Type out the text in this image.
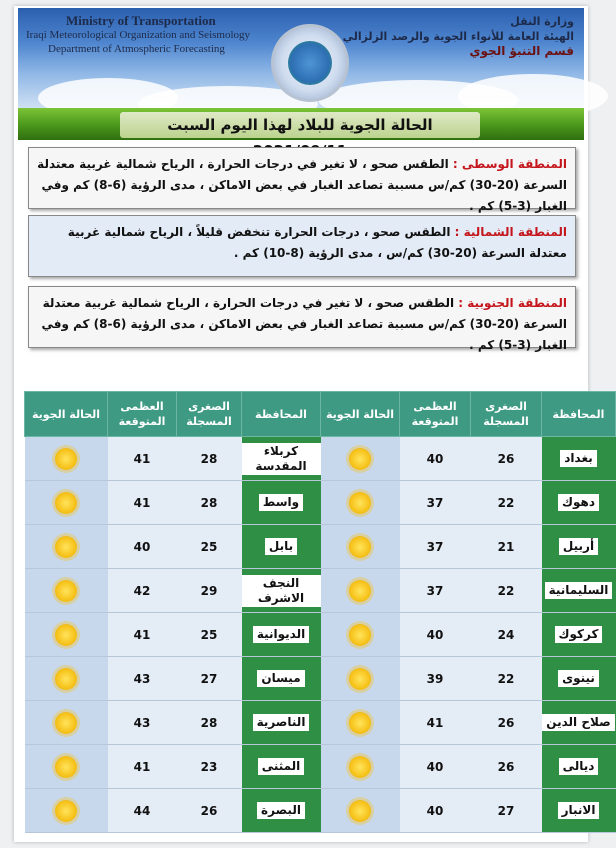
Ministry of Transportation
Iraqi Meteorological Organization and Seismology
Department of Atmospheric Forecasting
وزارة النقل
الهيئة العامة للأنواء الجوية والرصد الزلزالي
قسم التنبؤ الجوي
الحالة الجوية للبلاد لهذا اليوم السبت
المنطقة الوسطى : الطقس صحو ، لا تغير في درجات الحرارة ، الرياح شمالية غربية معتدلة السرعة (20-30) كم/س مسببة تصاعد الغبار في بعض الاماكن ، مدى الرؤية (6-8) كم وفي الغبار (3-5) كم .
المنطقة الشمالية : الطقس صحو ، درجات الحرارة تنخفض قليلاً ، الرياح شمالية غربية معتدلة السرعة (20-30) كم/س ، مدى الرؤية (8-10) كم .
المنطقة الجنوبية : الطقس صحو ، لا تغير في درجات الحرارة ، الرياح شمالية غربية معتدلة السرعة (20-30) كم/س مسببة تصاعد الغبار في بعض الاماكن ، مدى الرؤية (6-8) كم وفي الغبار (3-5) كم .
المحافظة	الصغرى المسجلة	العظمى المتوقعة	الحالة الجوية	المحافظة	الصغرى المسجلة	العظمى المتوقعة	الحالة الجوية
بغداد	26	40		كربلاء المقدسة	28	41	
دهوك	22	37		واسط	28	41	
أربيل	21	37		بابل	25	40	
السليمانية	22	37		النجف الاشرف	29	42	
كركوك	24	40		الديوانية	25	41	
نينوى	22	39		ميسان	27	43	
صلاح الدين	26	41		الناصرية	28	43	
ديالى	26	40		المثنى	23	41	
الانبار	27	40		البصرة	26	44	
